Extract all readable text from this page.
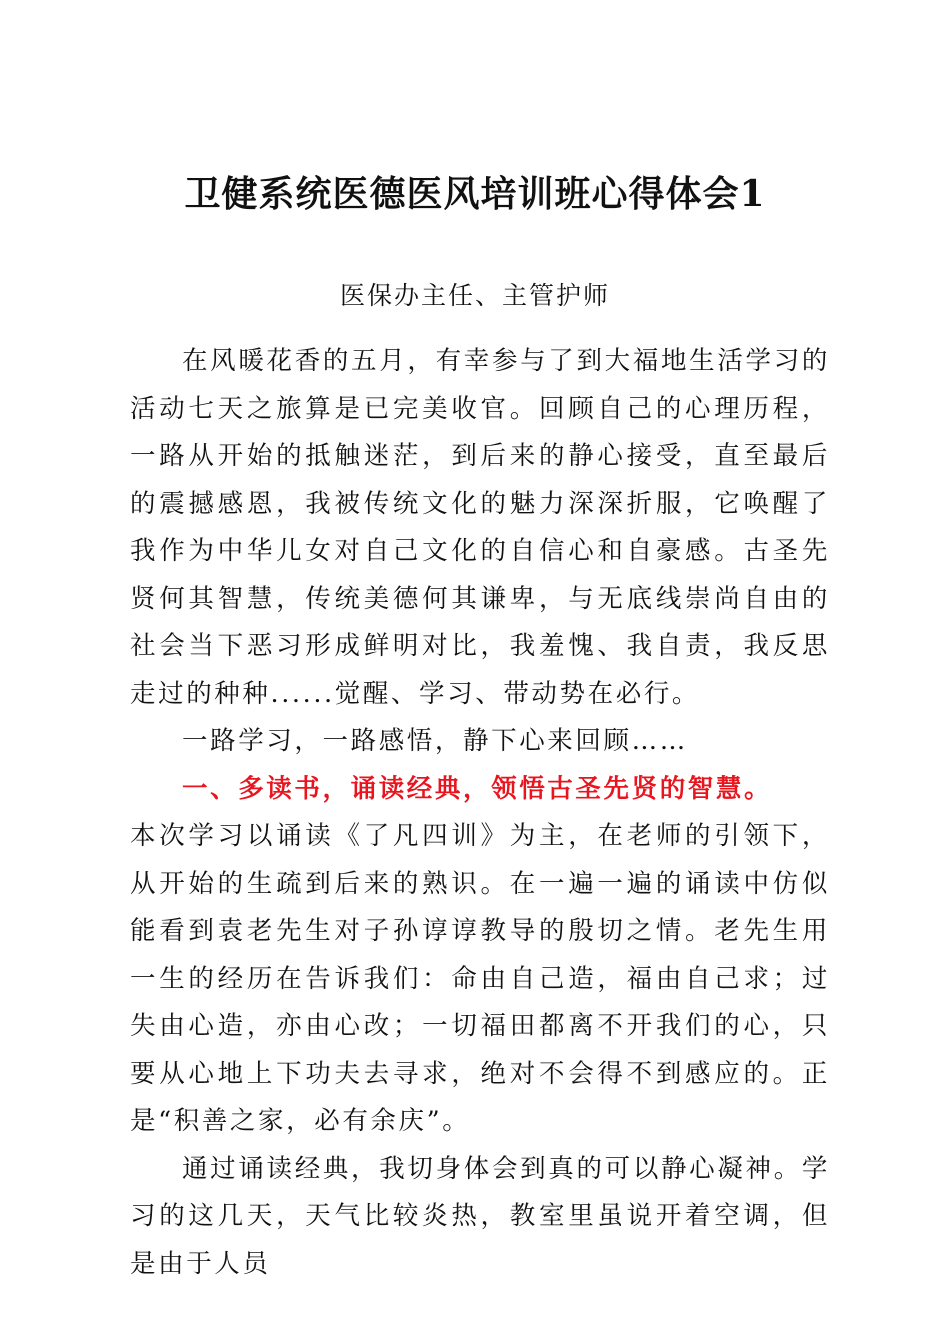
卫健系统医德医风培训班心得体会1
医保办主任、主管护师

在风暖花香的五月，有幸参与了到大福地生活学习的活动七天之旅算是已完美收官。回顾自己的心理历程，一路从开始的抵触迷茫，到后来的静心接受，直至最后的震撼感恩，我被传统文化的魅力深深折服，它唤醒了我作为中华儿女对自己文化的自信心和自豪感。古圣先贤何其智慧，传统美德何其谦卑，与无底线崇尚自由的社会当下恶习形成鲜明对比，我羞愧、我自责，我反思走过的种种......觉醒、学习、带动势在必行。

一路学习，一路感悟，静下心来回顾……

一、多读书，诵读经典，领悟古圣先贤的智慧。

本次学习以诵读《了凡四训》为主，在老师的引领下，从开始的生疏到后来的熟识。在一遍一遍的诵读中仿似能看到袁老先生对子孙谆谆教导的殷切之情。老先生用一生的经历在告诉我们：命由自己造，福由自己求；过失由心造，亦由心改；一切福田都离不开我们的心，只要从心地上下功夫去寻求，绝对不会得不到感应的。正是“积善之家，必有余庆”。

通过诵读经典，我切身体会到真的可以静心凝神。学习的这几天，天气比较炎热，教室里虽说开着空调，但是由于人员
